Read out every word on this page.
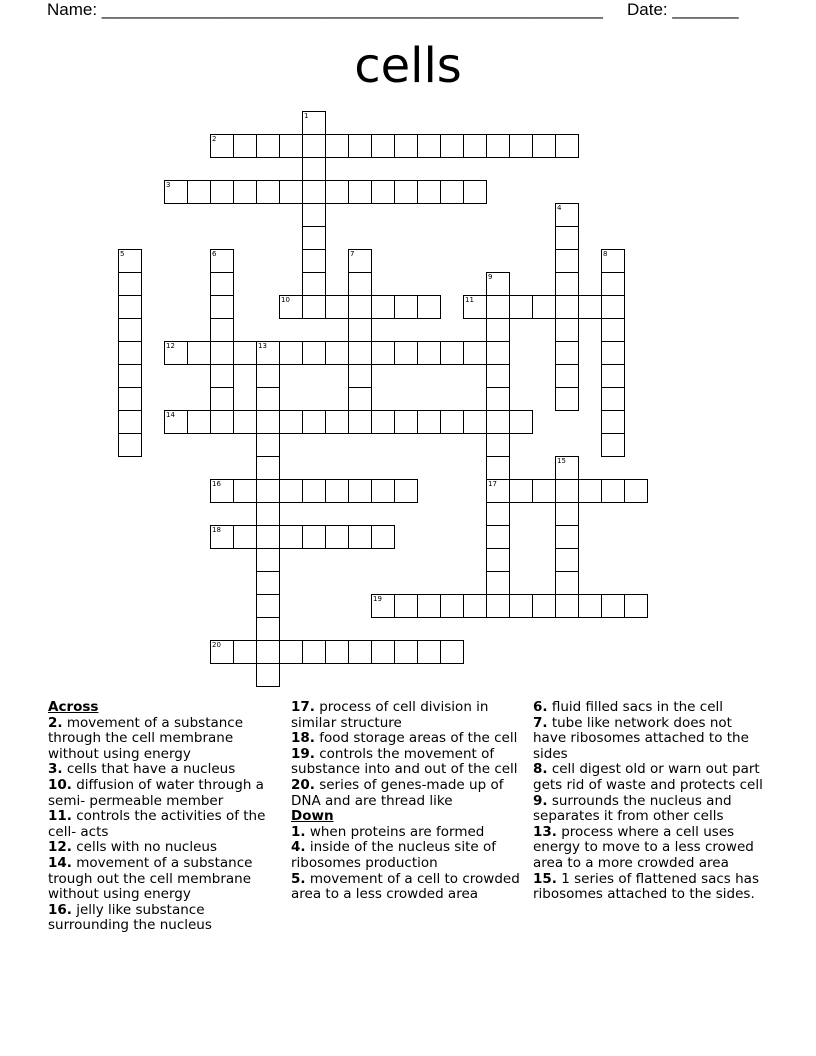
Name: _____________________________________________________ Date: _______
cells
1
2
3
4
5	6	7	8
9
17
10	11
12	13
14
15
16
18
19
20
Across
2. movement of a substance through the cell membrane without using energy
3. cells that have a nucleus
10. diffusion of water through a semi- permeable member
11. controls the activities of the cell- acts
12. cells with no nucleus
14. movement of a substance trough out the cell membrane without using energy
16. jelly like substance surrounding the nucleus
17. process of cell division in similar structure
18. food storage areas of the cell
19. controls the movement of substance into and out of the cell
20. series of genes-made up of DNA and are thread like
Down
1. when proteins are formed
4. inside of the nucleus site of ribosomes production
5. movement of a cell to crowded area to a less crowded area
6. fluid filled sacs in the cell
7. tube like network does not have ribosomes attached to the sides
8. cell digest old or warn out part gets rid of waste and protects cell
9. surrounds the nucleus and separates it from other cells
13. process where a cell uses energy to move to a less crowed area to a more crowded area
15. 1 series of flattened sacs has ribosomes attached to the sides.
